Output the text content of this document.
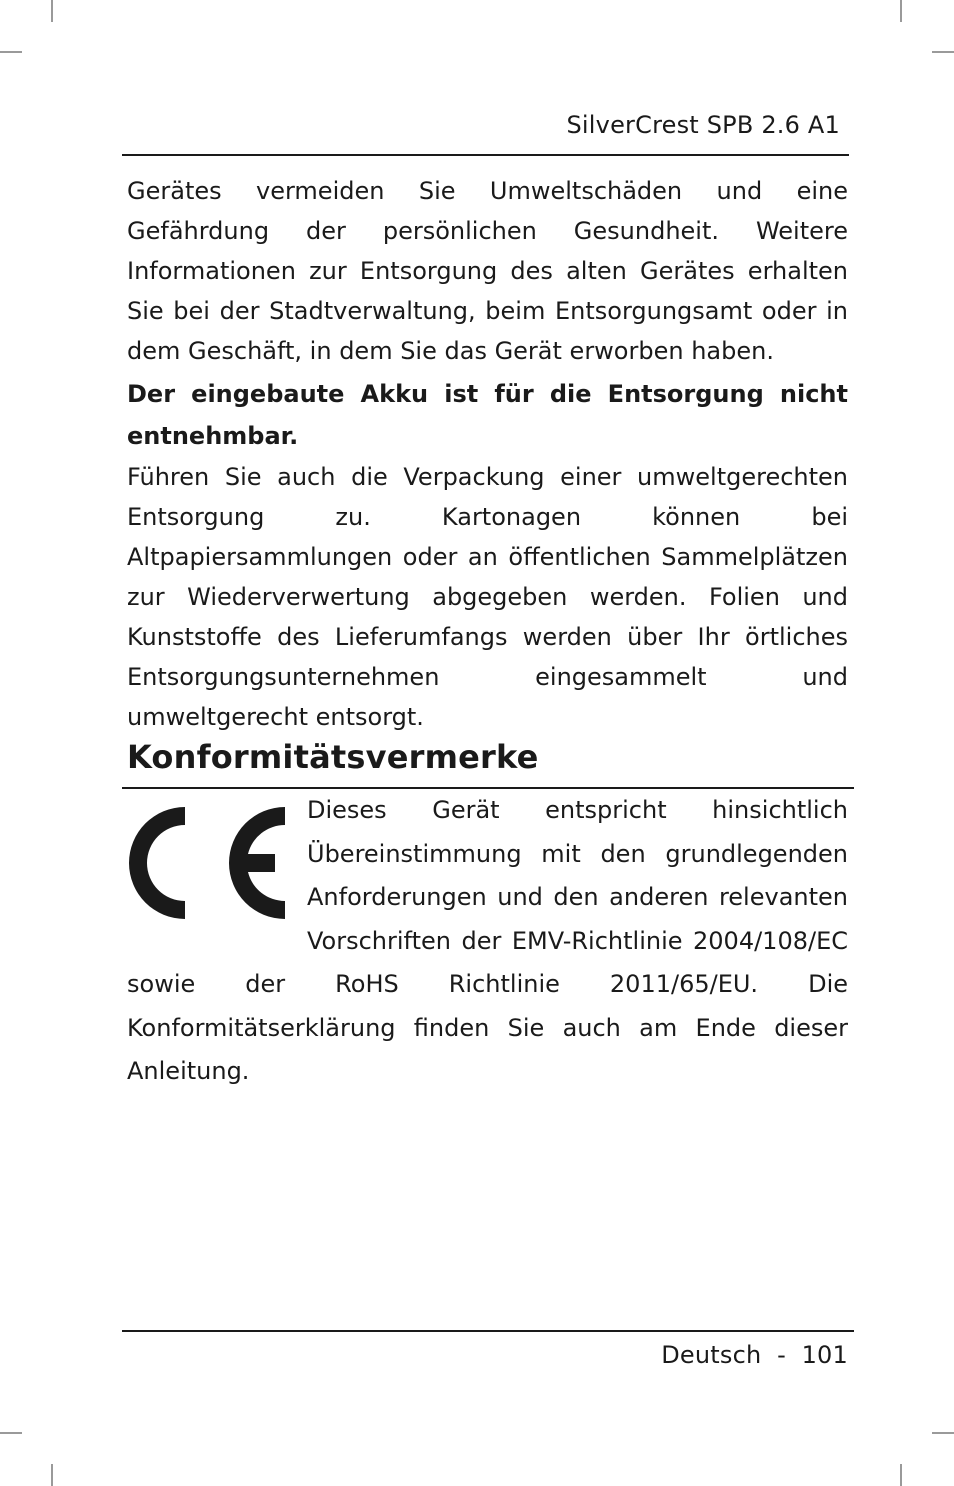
SilverCrest SPB 2.6 A1

Gerätes vermeiden Sie Umweltschäden und eine Gefährdung der persönlichen Gesundheit. Weitere Informationen zur Entsorgung des alten Gerätes erhalten Sie bei der Stadtverwaltung, beim Entsorgungsamt oder in dem Geschäft, in dem Sie das Gerät erworben haben.

Der eingebaute Akku ist für die Entsorgung nicht entnehmbar.

Führen Sie auch die Verpackung einer umweltgerechten Entsorgung zu. Kartonagen können bei Altpapiersammlungen oder an öffentlichen Sammelplätzen zur Wiederverwertung abgegeben werden. Folien und Kunststoffe des Lieferumfangs werden über Ihr örtliches Entsorgungsunternehmen eingesammelt und umweltgerecht entsorgt.

Konformitätsvermerke
Dieses Gerät entspricht hinsichtlich Übereinstimmung mit den grundlegenden Anforderungen und den anderen relevanten Vorschriften der EMV-Richtlinie 2004/108/EC sowie der RoHS Richtlinie 2011/65/EU. Die Konformitätserklärung finden Sie auch am Ende dieser Anleitung.
Deutsch  -  101
